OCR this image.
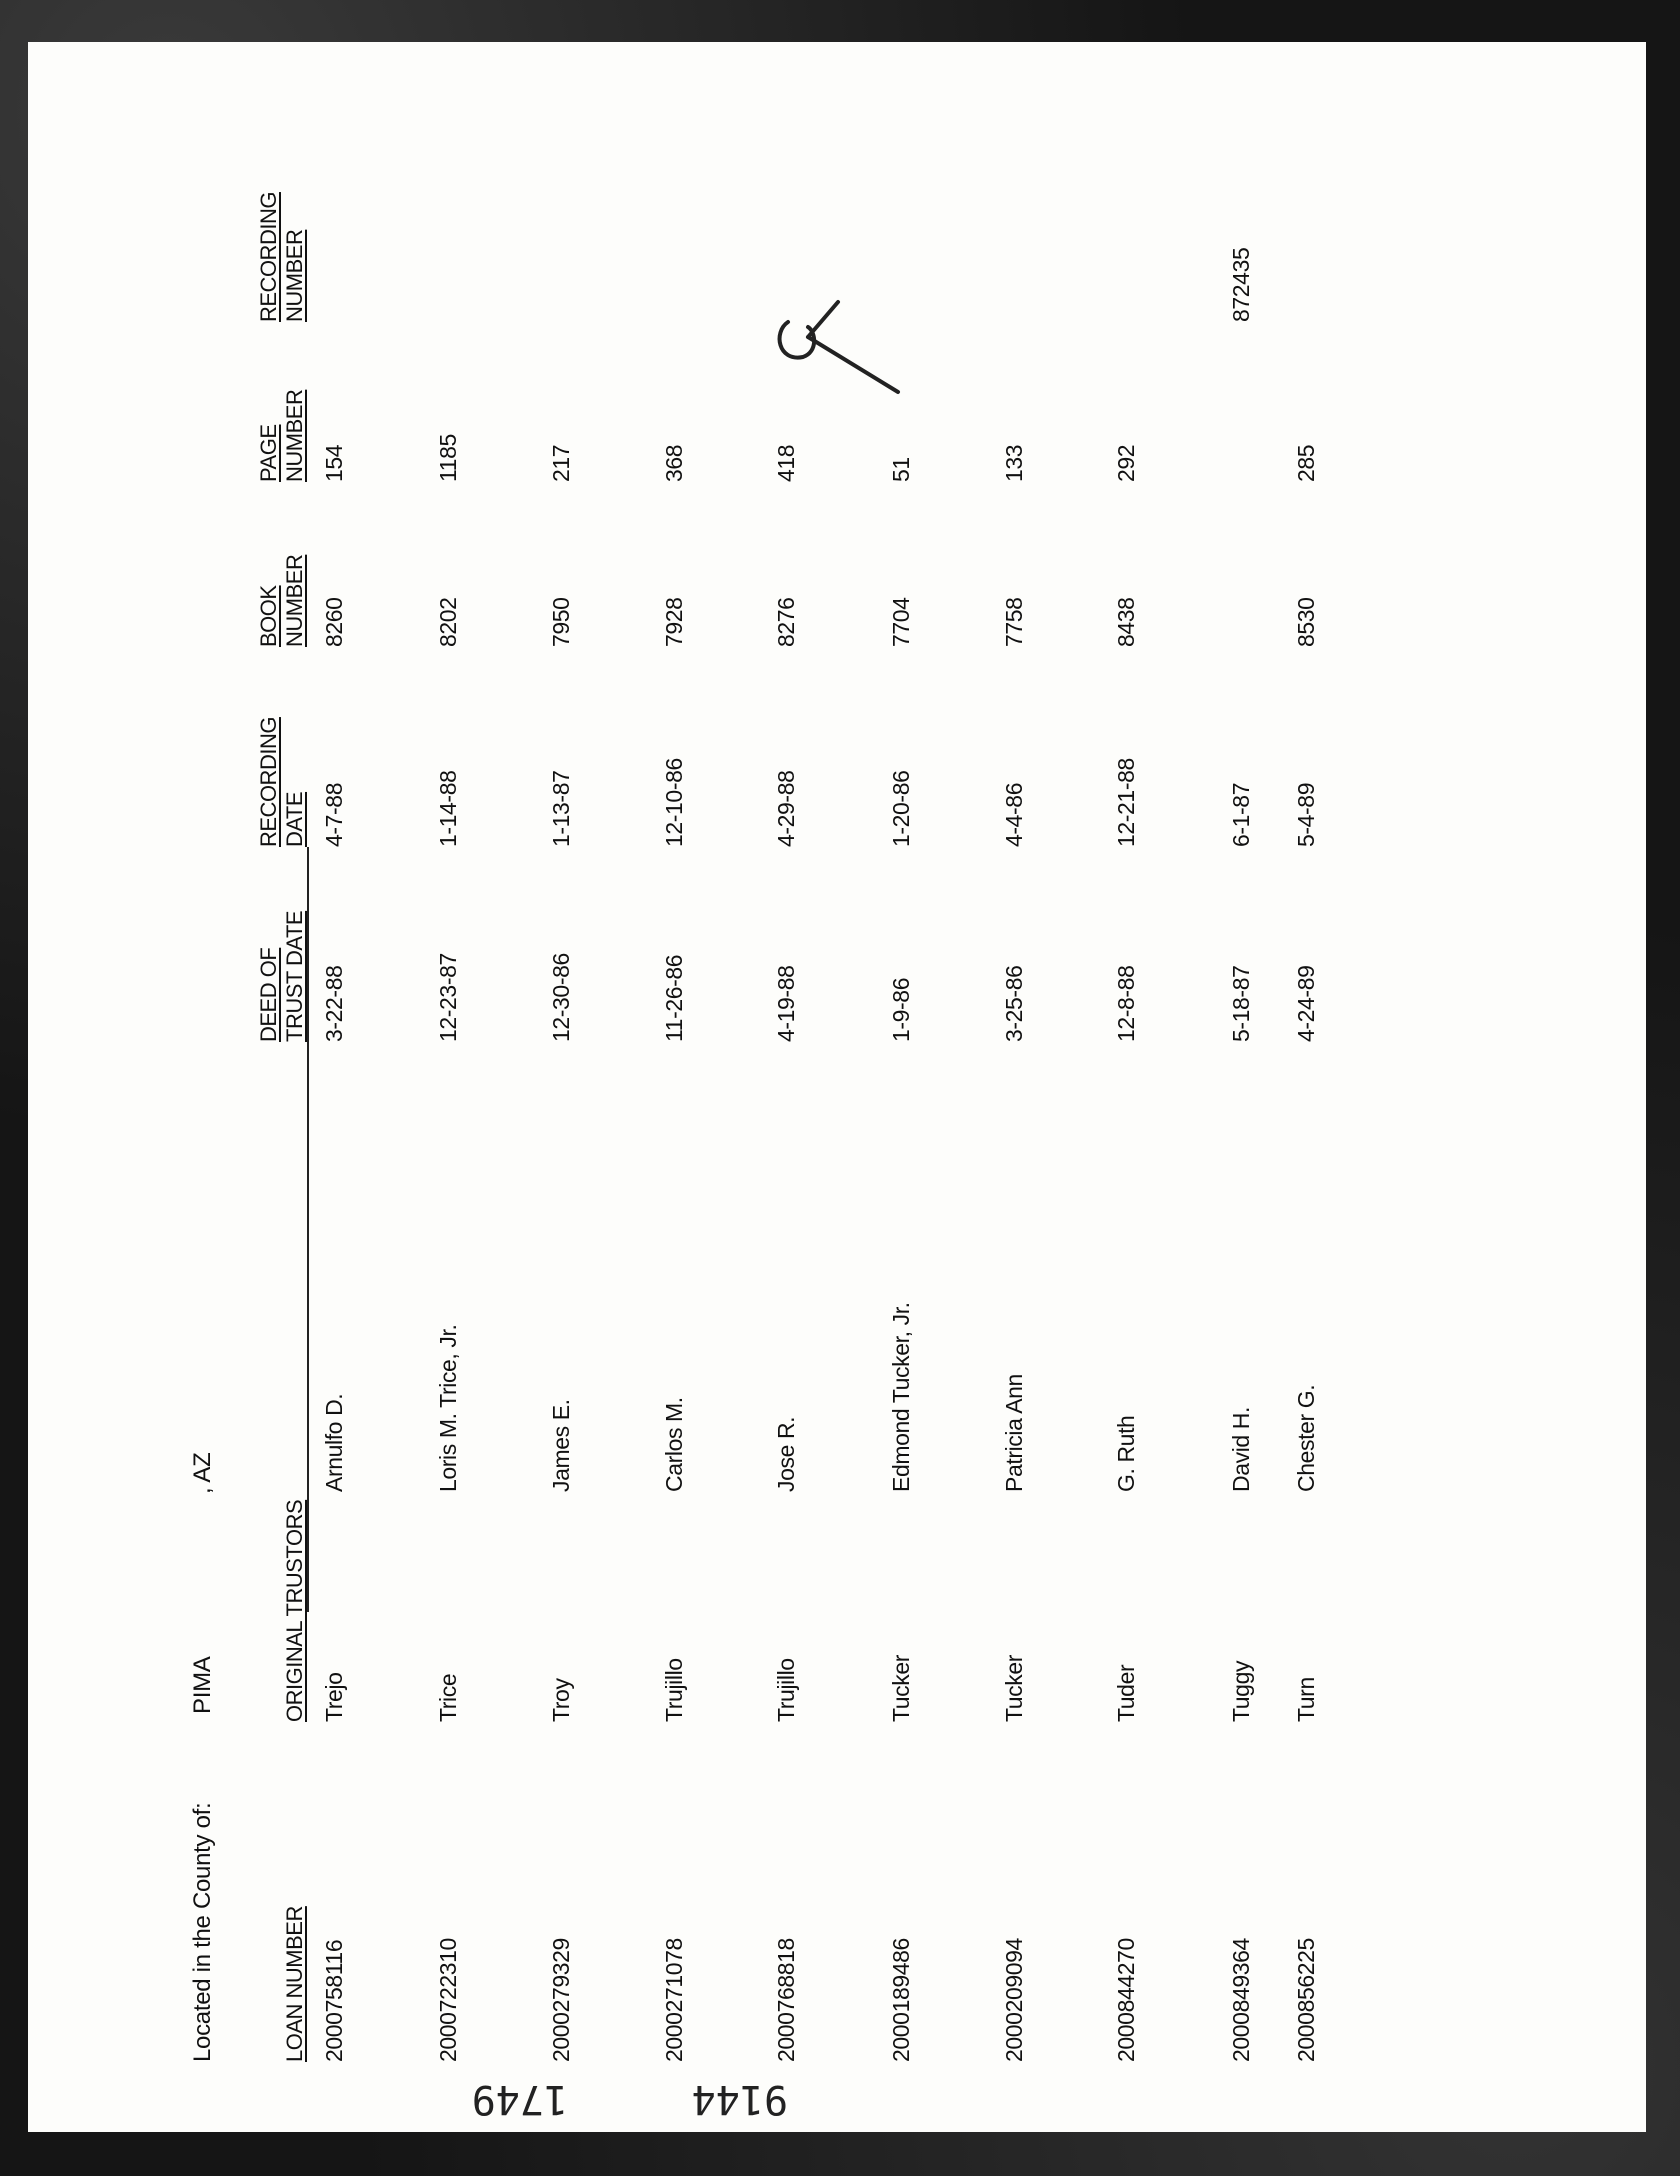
Located in the County of:
PIMA
, AZ
LOAN NUMBER
ORIGINAL TRUSTORS
DEED OF TRUST DATE
RECORDING DATE
BOOK NUMBER
PAGE NUMBER
RECORDING NUMBER
2000758116
Trejo
Arnulfo D.
3-22-88
4-7-88
8260
154
2000722310
Trice
Loris M. Trice, Jr.
12-23-87
1-14-88
8202
1185
2000279329
Troy
James E.
12-30-86
1-13-87
7950
217
2000271078
Trujillo
Carlos M.
11-26-86
12-10-86
7928
368
2000768818
Trujillo
Jose R.
4-19-88
4-29-88
8276
418
2000189486
Tucker
Edmond Tucker, Jr.
1-9-86
1-20-86
7704
51
2000209094
Tucker
Patricia Ann
3-25-86
4-4-86
7758
133
2000844270
Tuder
G. Ruth
12-8-88
12-21-88
8438
292
2000849364
Tuggy
David H.
5-18-87
6-1-87
872435
2000856225
Turn
Chester G.
4-24-89
5-4-89
8530
285
9144
1749
